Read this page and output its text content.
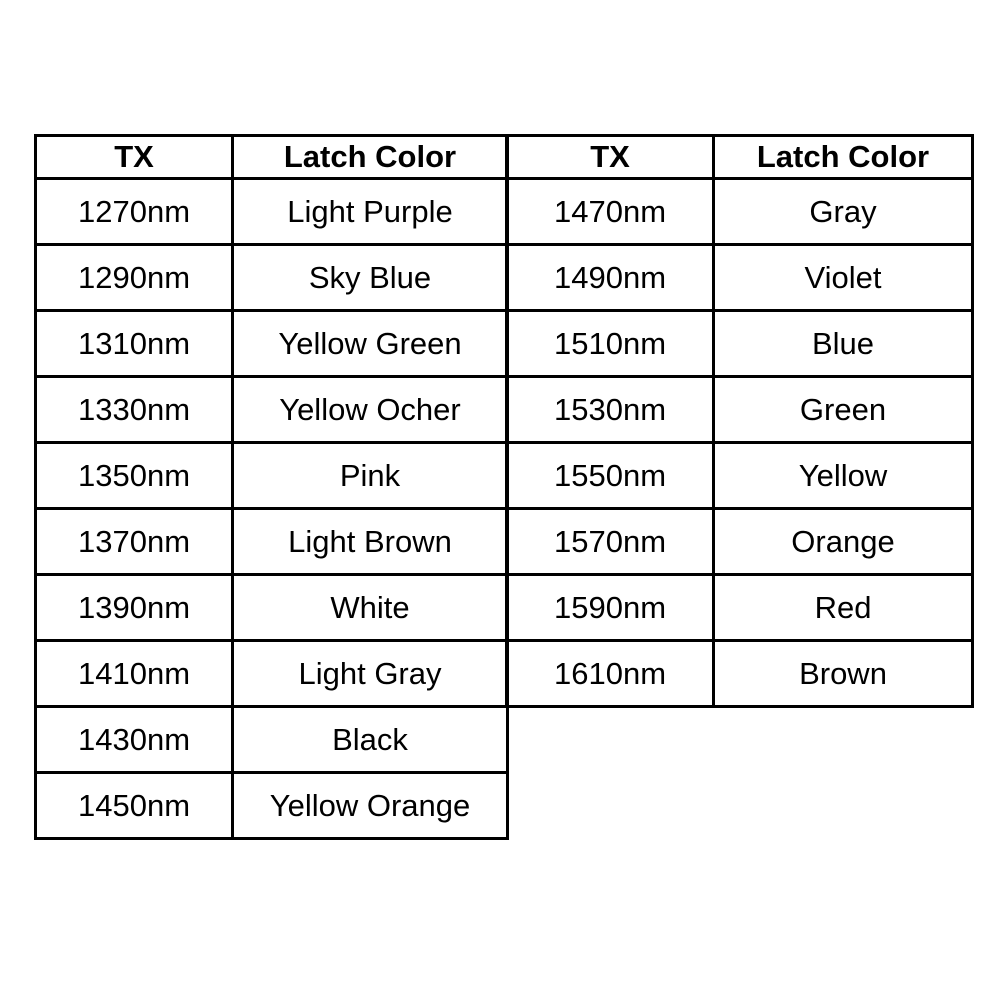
TX	Latch Color
1270nm	Light Purple
1290nm	Sky Blue
1310nm	Yellow Green
1330nm	Yellow Ocher
1350nm	Pink
1370nm	Light Brown
1390nm	White
1410nm	Light Gray
1430nm	Black
1450nm	Yellow Orange
TX	Latch Color
1470nm	Gray
1490nm	Violet
1510nm	Blue
1530nm	Green
1550nm	Yellow
1570nm	Orange
1590nm	Red
1610nm	Brown
